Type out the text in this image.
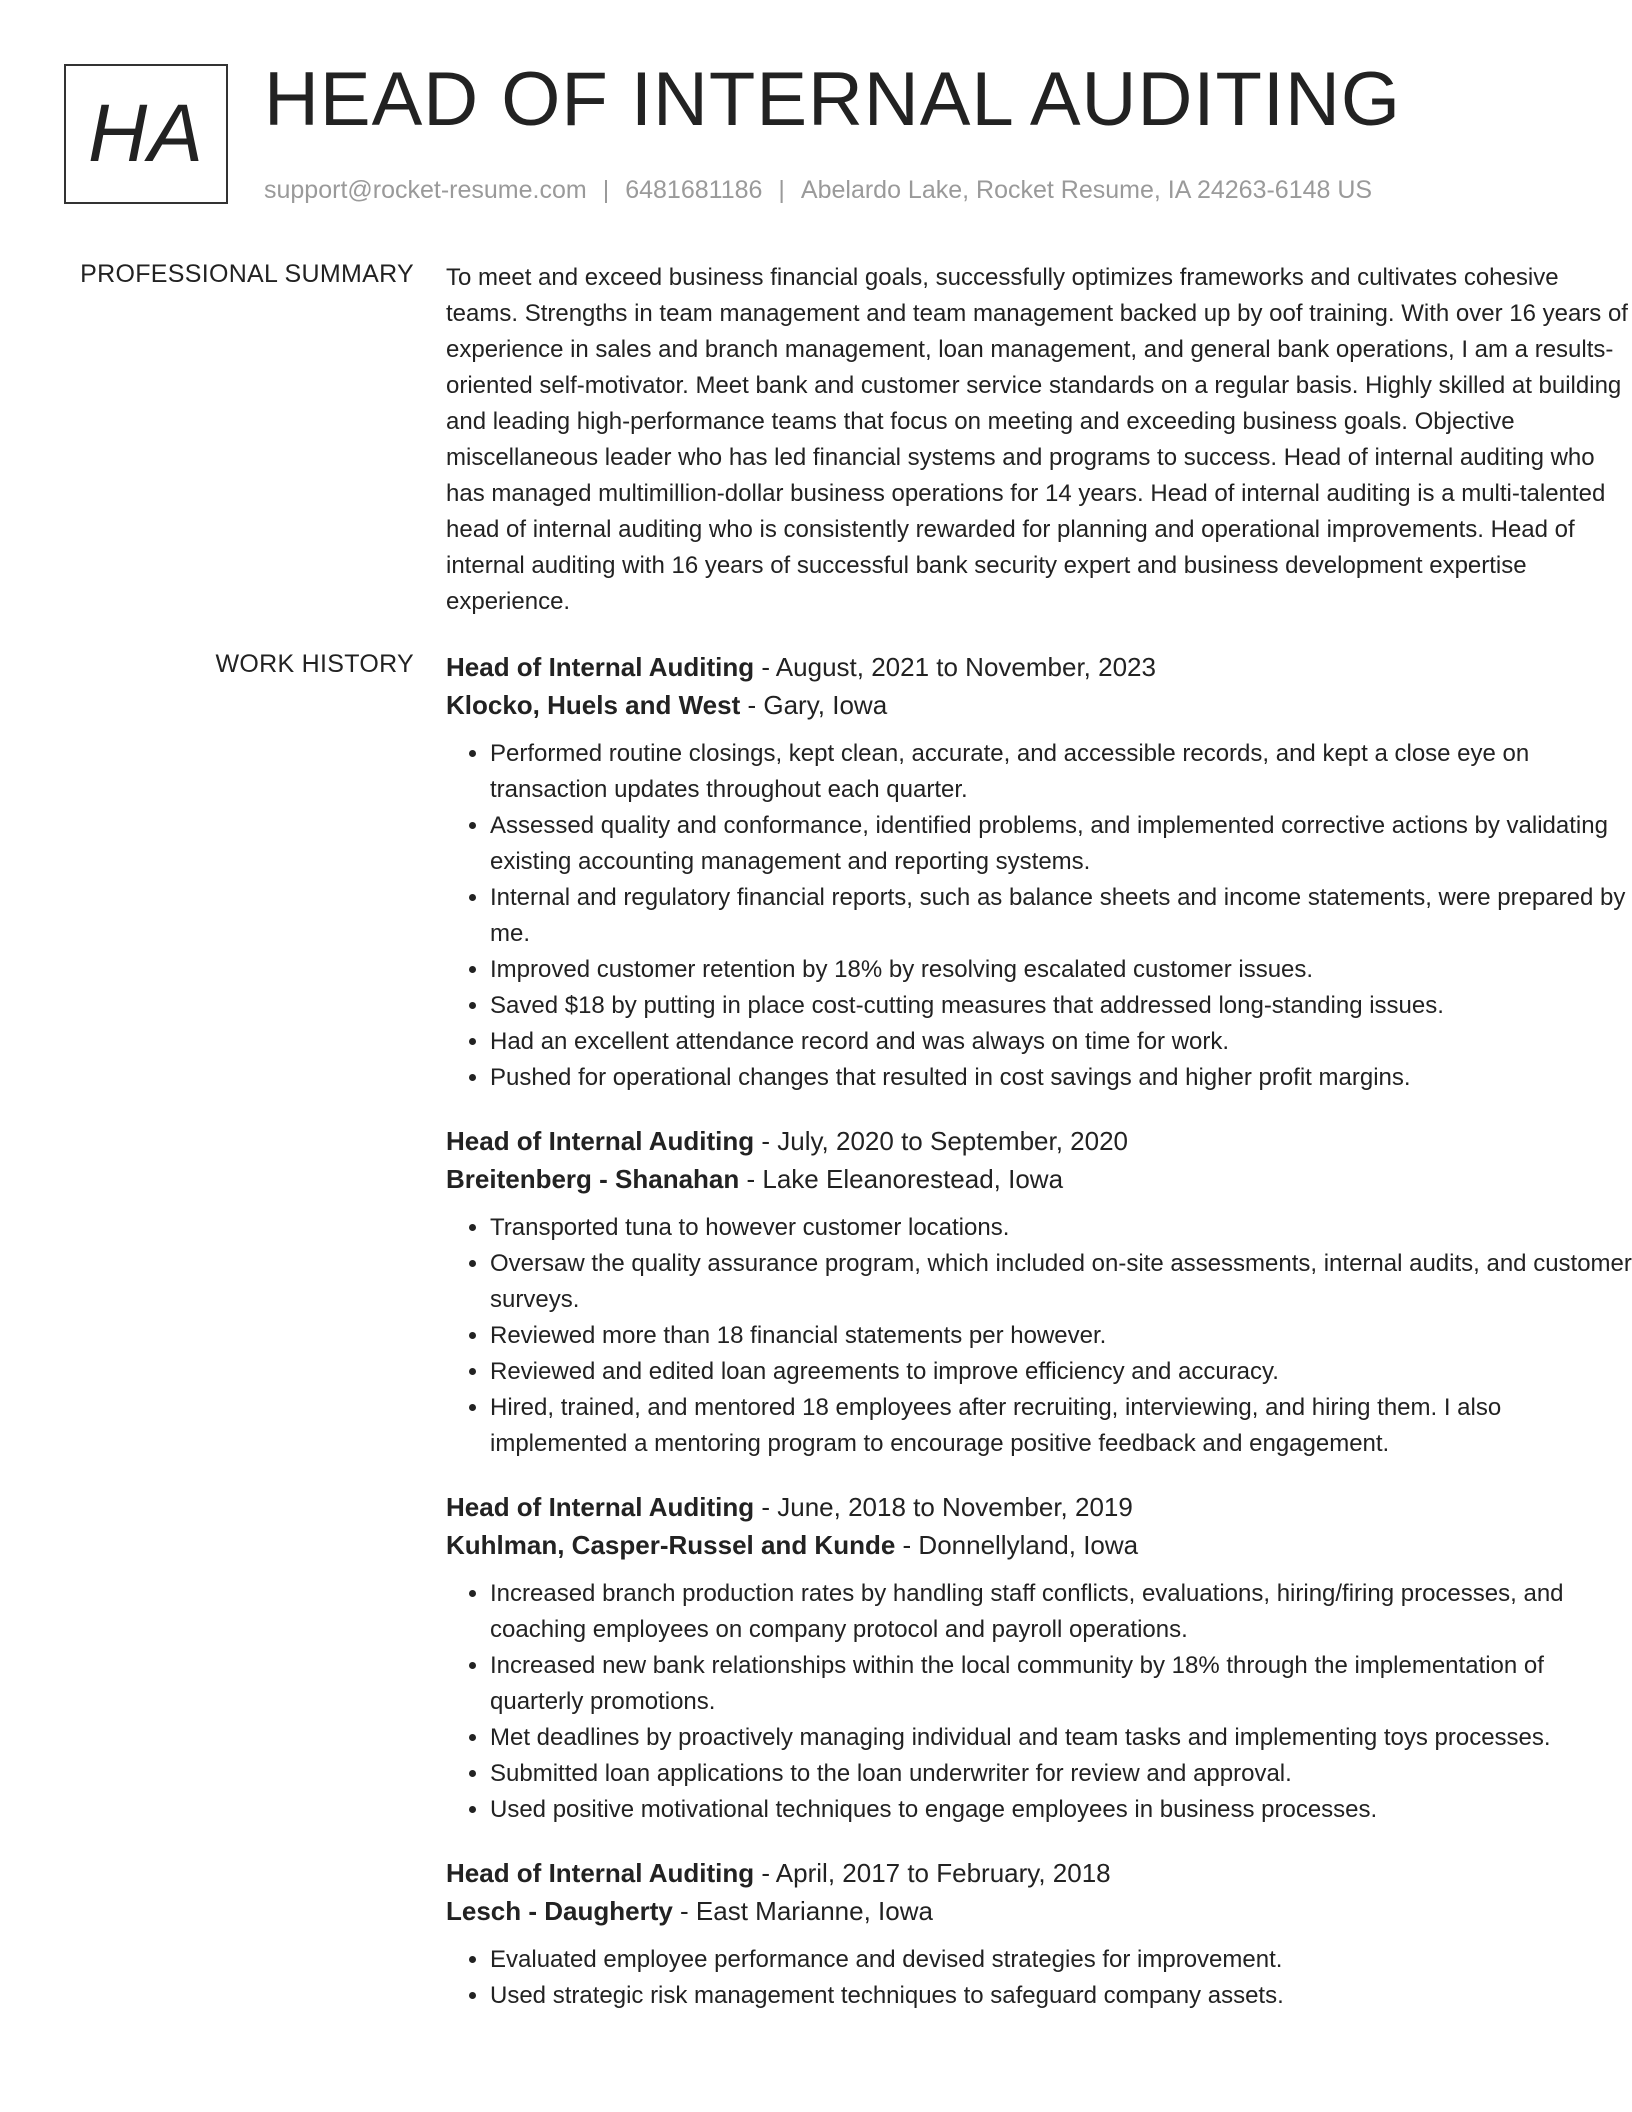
HA HEAD OF INTERNAL AUDITING
support@rocket-resume.com | 6481681186 | Abelardo Lake, Rocket Resume, IA 24263-6148 US
PROFESSIONAL SUMMARY To meet and exceed business financial goals, successfully optimizes frameworks and cultivates cohesive teams. Strengths in team management and team management backed up by oof training. With over 16 years of experience in sales and branch management, loan management, and general bank operations, I am a results-oriented self-motivator. Meet bank and customer service standards on a regular basis. Highly skilled at building and leading high-performance teams that focus on meeting and exceeding business goals. Objective miscellaneous leader who has led financial systems and programs to success. Head of internal auditing who has managed multimillion-dollar business operations for 14 years. Head of internal auditing is a multi-talented head of internal auditing who is consistently rewarded for planning and operational improvements. Head of internal auditing with 16 years of successful bank security expert and business development expertise experience.

WORK HISTORY Head of Internal Auditing - August, 2021 to November, 2023
Klocko, Huels and West - Gary, Iowa
• Performed routine closings, kept clean, accurate, and accessible records, and kept a close eye on transaction updates throughout each quarter.
• Assessed quality and conformance, identified problems, and implemented corrective actions by validating existing accounting management and reporting systems.
• Internal and regulatory financial reports, such as balance sheets and income statements, were prepared by me.
• Improved customer retention by 18% by resolving escalated customer issues.
• Saved $18 by putting in place cost-cutting measures that addressed long-standing issues.
• Had an excellent attendance record and was always on time for work.
• Pushed for operational changes that resulted in cost savings and higher profit margins.
Head of Internal Auditing - July, 2020 to September, 2020
Breitenberg - Shanahan - Lake Eleanorestead, Iowa
• Transported tuna to however customer locations.
• Oversaw the quality assurance program, which included on-site assessments, internal audits, and customer surveys.
• Reviewed more than 18 financial statements per however.
• Reviewed and edited loan agreements to improve efficiency and accuracy.
• Hired, trained, and mentored 18 employees after recruiting, interviewing, and hiring them. I also implemented a mentoring program to encourage positive feedback and engagement.
Head of Internal Auditing - June, 2018 to November, 2019
Kuhlman, Casper-Russel and Kunde - Donnellyland, Iowa
• Increased branch production rates by handling staff conflicts, evaluations, hiring/firing processes, and coaching employees on company protocol and payroll operations.
• Increased new bank relationships within the local community by 18% through the implementation of quarterly promotions.
• Met deadlines by proactively managing individual and team tasks and implementing toys processes.
• Submitted loan applications to the loan underwriter for review and approval.
• Used positive motivational techniques to engage employees in business processes.
Head of Internal Auditing - April, 2017 to February, 2018
Lesch - Daugherty - East Marianne, Iowa
• Evaluated employee performance and devised strategies for improvement.
• Used strategic risk management techniques to safeguard company assets.
